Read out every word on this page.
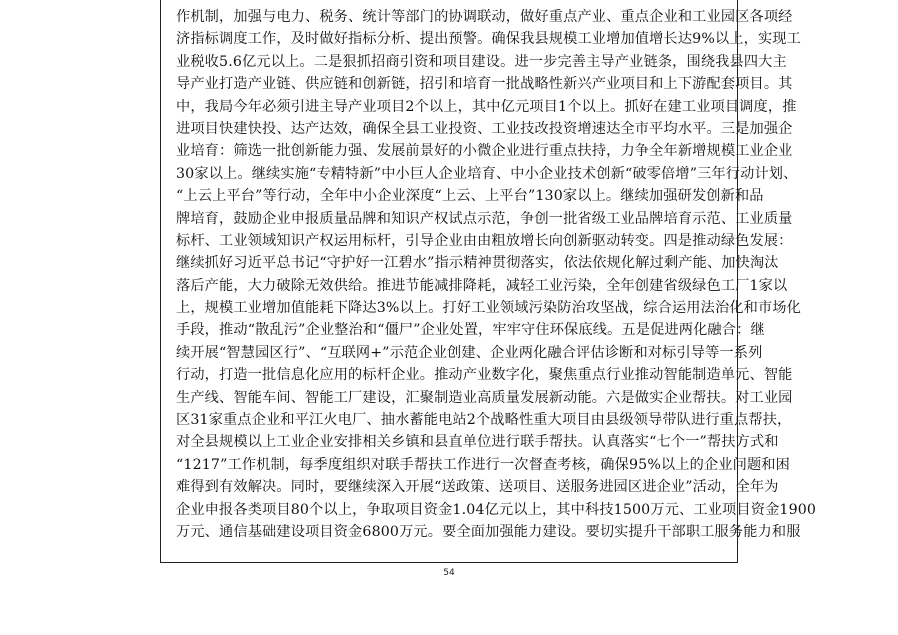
作机制，加强与电力、税务、统计等部门的协调联动，做好重点产业、重点企业和工业园区各项经
济指标调度工作，及时做好指标分析、提出预警。确保我县规模工业增加值增长达9%以上，实现工
业税收5.6亿元以上。二是狠抓招商引资和项目建设。进一步完善主导产业链条，围绕我县四大主
导产业打造产业链、供应链和创新链，招引和培育一批战略性新兴产业项目和上下游配套项目。其
中，我局今年必须引进主导产业项目2个以上，其中亿元项目1个以上。抓好在建工业项目调度，推
进项目快建快投、达产达效，确保全县工业投资、工业技改投资增速达全市平均水平。三是加强企
业培育：筛选一批创新能力强、发展前景好的小微企业进行重点扶持，力争全年新增规模工业企业
30家以上。继续实施“专精特新”中小巨人企业培育、中小企业技术创新“破零倍增”三年行动计划、
“上云上平台”等行动，全年中小企业深度“上云、上平台”130家以上。继续加强研发创新和品
牌培育，鼓励企业申报质量品牌和知识产权试点示范，争创一批省级工业品牌培育示范、工业质量
标杆、工业领域知识产权运用标杆，引导企业由由粗放增长向创新驱动转变。四是推动绿色发展：
继续抓好习近平总书记“守护好一江碧水”指示精神贯彻落实，依法依规化解过剩产能、加快淘汰
落后产能，大力破除无效供给。推进节能减排降耗，减轻工业污染，全年创建省级绿色工厂1家以
上，规模工业增加值能耗下降达3%以上。打好工业领域污染防治攻坚战，综合运用法治化和市场化
手段，推动“散乱污”企业整治和“僵尸”企业处置，牢牢守住环保底线。五是促进两化融合：继
续开展“智慧园区行”、“互联网+”示范企业创建、企业两化融合评估诊断和对标引导等一系列
行动，打造一批信息化应用的标杆企业。推动产业数字化，聚焦重点行业推动智能制造单元、智能
生产线、智能车间、智能工厂建设，汇聚制造业高质量发展新动能。六是做实企业帮扶。对工业园
区31家重点企业和平江火电厂、抽水蓄能电站2个战略性重大项目由县级领导带队进行重点帮扶，
对全县规模以上工业企业安排相关乡镇和县直单位进行联手帮扶。认真落实“七个一”帮扶方式和
“1217”工作机制，每季度组织对联手帮扶工作进行一次督查考核，确保95%以上的企业问题和困
难得到有效解决。同时，要继续深入开展“送政策、送项目、送服务进园区进企业”活动，全年为
企业申报各类项目80个以上，争取项目资金1.04亿元以上，其中科技1500万元、工业项目资金1900
万元、通信基础建设项目资金6800万元。要全面加强能力建设。要切实提升干部职工服务能力和服
54
